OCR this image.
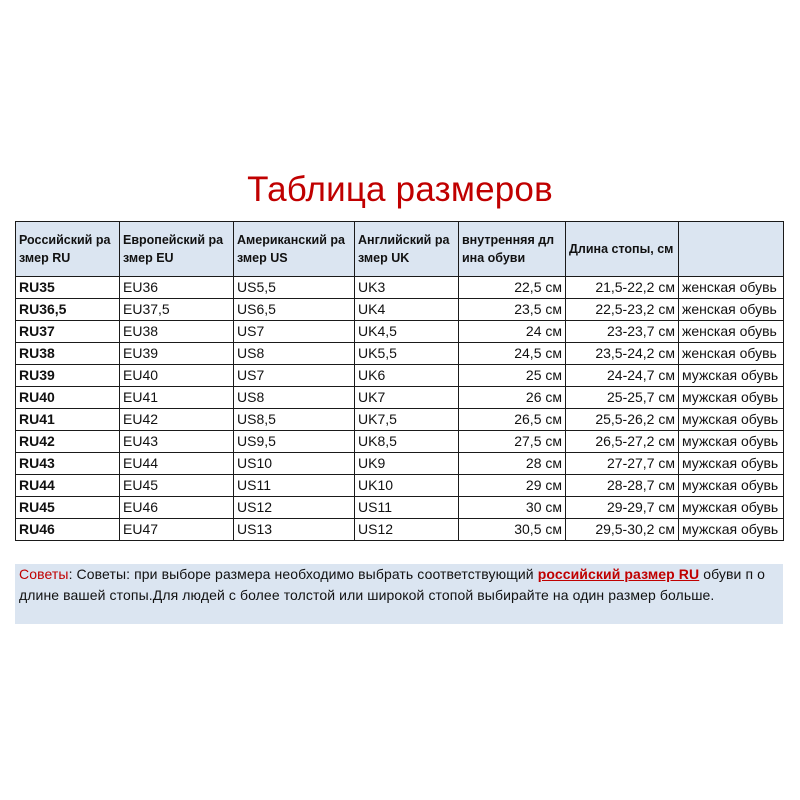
Таблица размеров
Российский ра змер RU	Европейский ра змер EU	Американский ра змер US	Английский ра змер UK	внутренняя дл ина обуви	Длина стопы, см	
RU35	EU36	US5,5	UK3	22,5 см	21,5-22,2 см	женская обувь
RU36,5	EU37,5	US6,5	UK4	23,5 см	22,5-23,2 см	женская обувь
RU37	EU38	US7	UK4,5	24 см	23-23,7 см	женская обувь
RU38	EU39	US8	UK5,5	24,5 см	23,5-24,2 см	женская обувь
RU39	EU40	US7	UK6	25 см	24-24,7 см	мужская обувь
RU40	EU41	US8	UK7	26 см	25-25,7 см	мужская обувь
RU41	EU42	US8,5	UK7,5	26,5 см	25,5-26,2 см	мужская обувь
RU42	EU43	US9,5	UK8,5	27,5 см	26,5-27,2 см	мужская обувь
RU43	EU44	US10	UK9	28 см	27-27,7 см	мужская обувь
RU44	EU45	US11	UK10	29 см	28-28,7 см	мужская обувь
RU45	EU46	US12	US11	30 см	29-29,7 см	мужская обувь
RU46	EU47	US13	US12	30,5 см	29,5-30,2 см	мужская обувь
Советы: Советы: при выборе размера необходимо выбрать соответствующий российский размер RU обуви п о длине вашей стопы.Для людей с более толстой или широкой стопой выбирайте на один размер больше.
